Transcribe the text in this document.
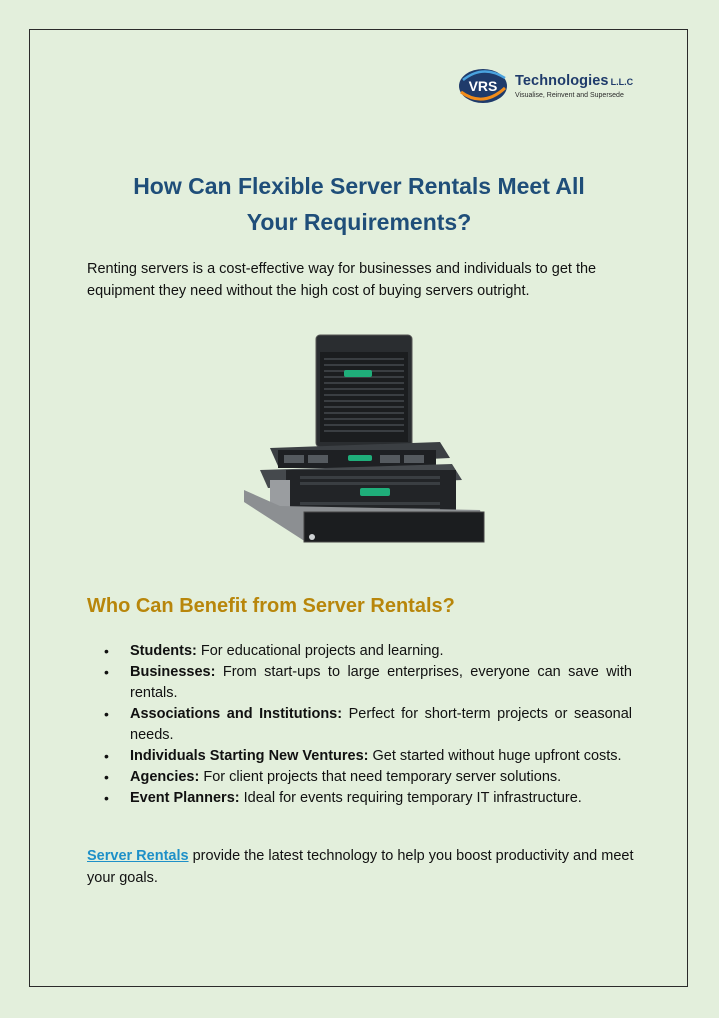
VRS Technologies L.L.C
Visualise, Reinvent and Supersede
How Can Flexible Server Rentals Meet All
Your Requirements?

Renting servers is a cost-effective way for businesses and individuals to get the equipment they need without the high cost of buying servers outright.

Who Can Benefit from Server Rentals?
• Students: For educational projects and learning.
• Businesses: From start-ups to large enterprises, everyone can save with rentals.
• Associations and Institutions: Perfect for short-term projects or seasonal needs.
• Individuals Starting New Ventures: Get started without huge upfront costs.
• Agencies: For client projects that need temporary server solutions.
• Event Planners: Ideal for events requiring temporary IT infrastructure.

Server Rentals provide the latest technology to help you boost productivity and meet your goals.
